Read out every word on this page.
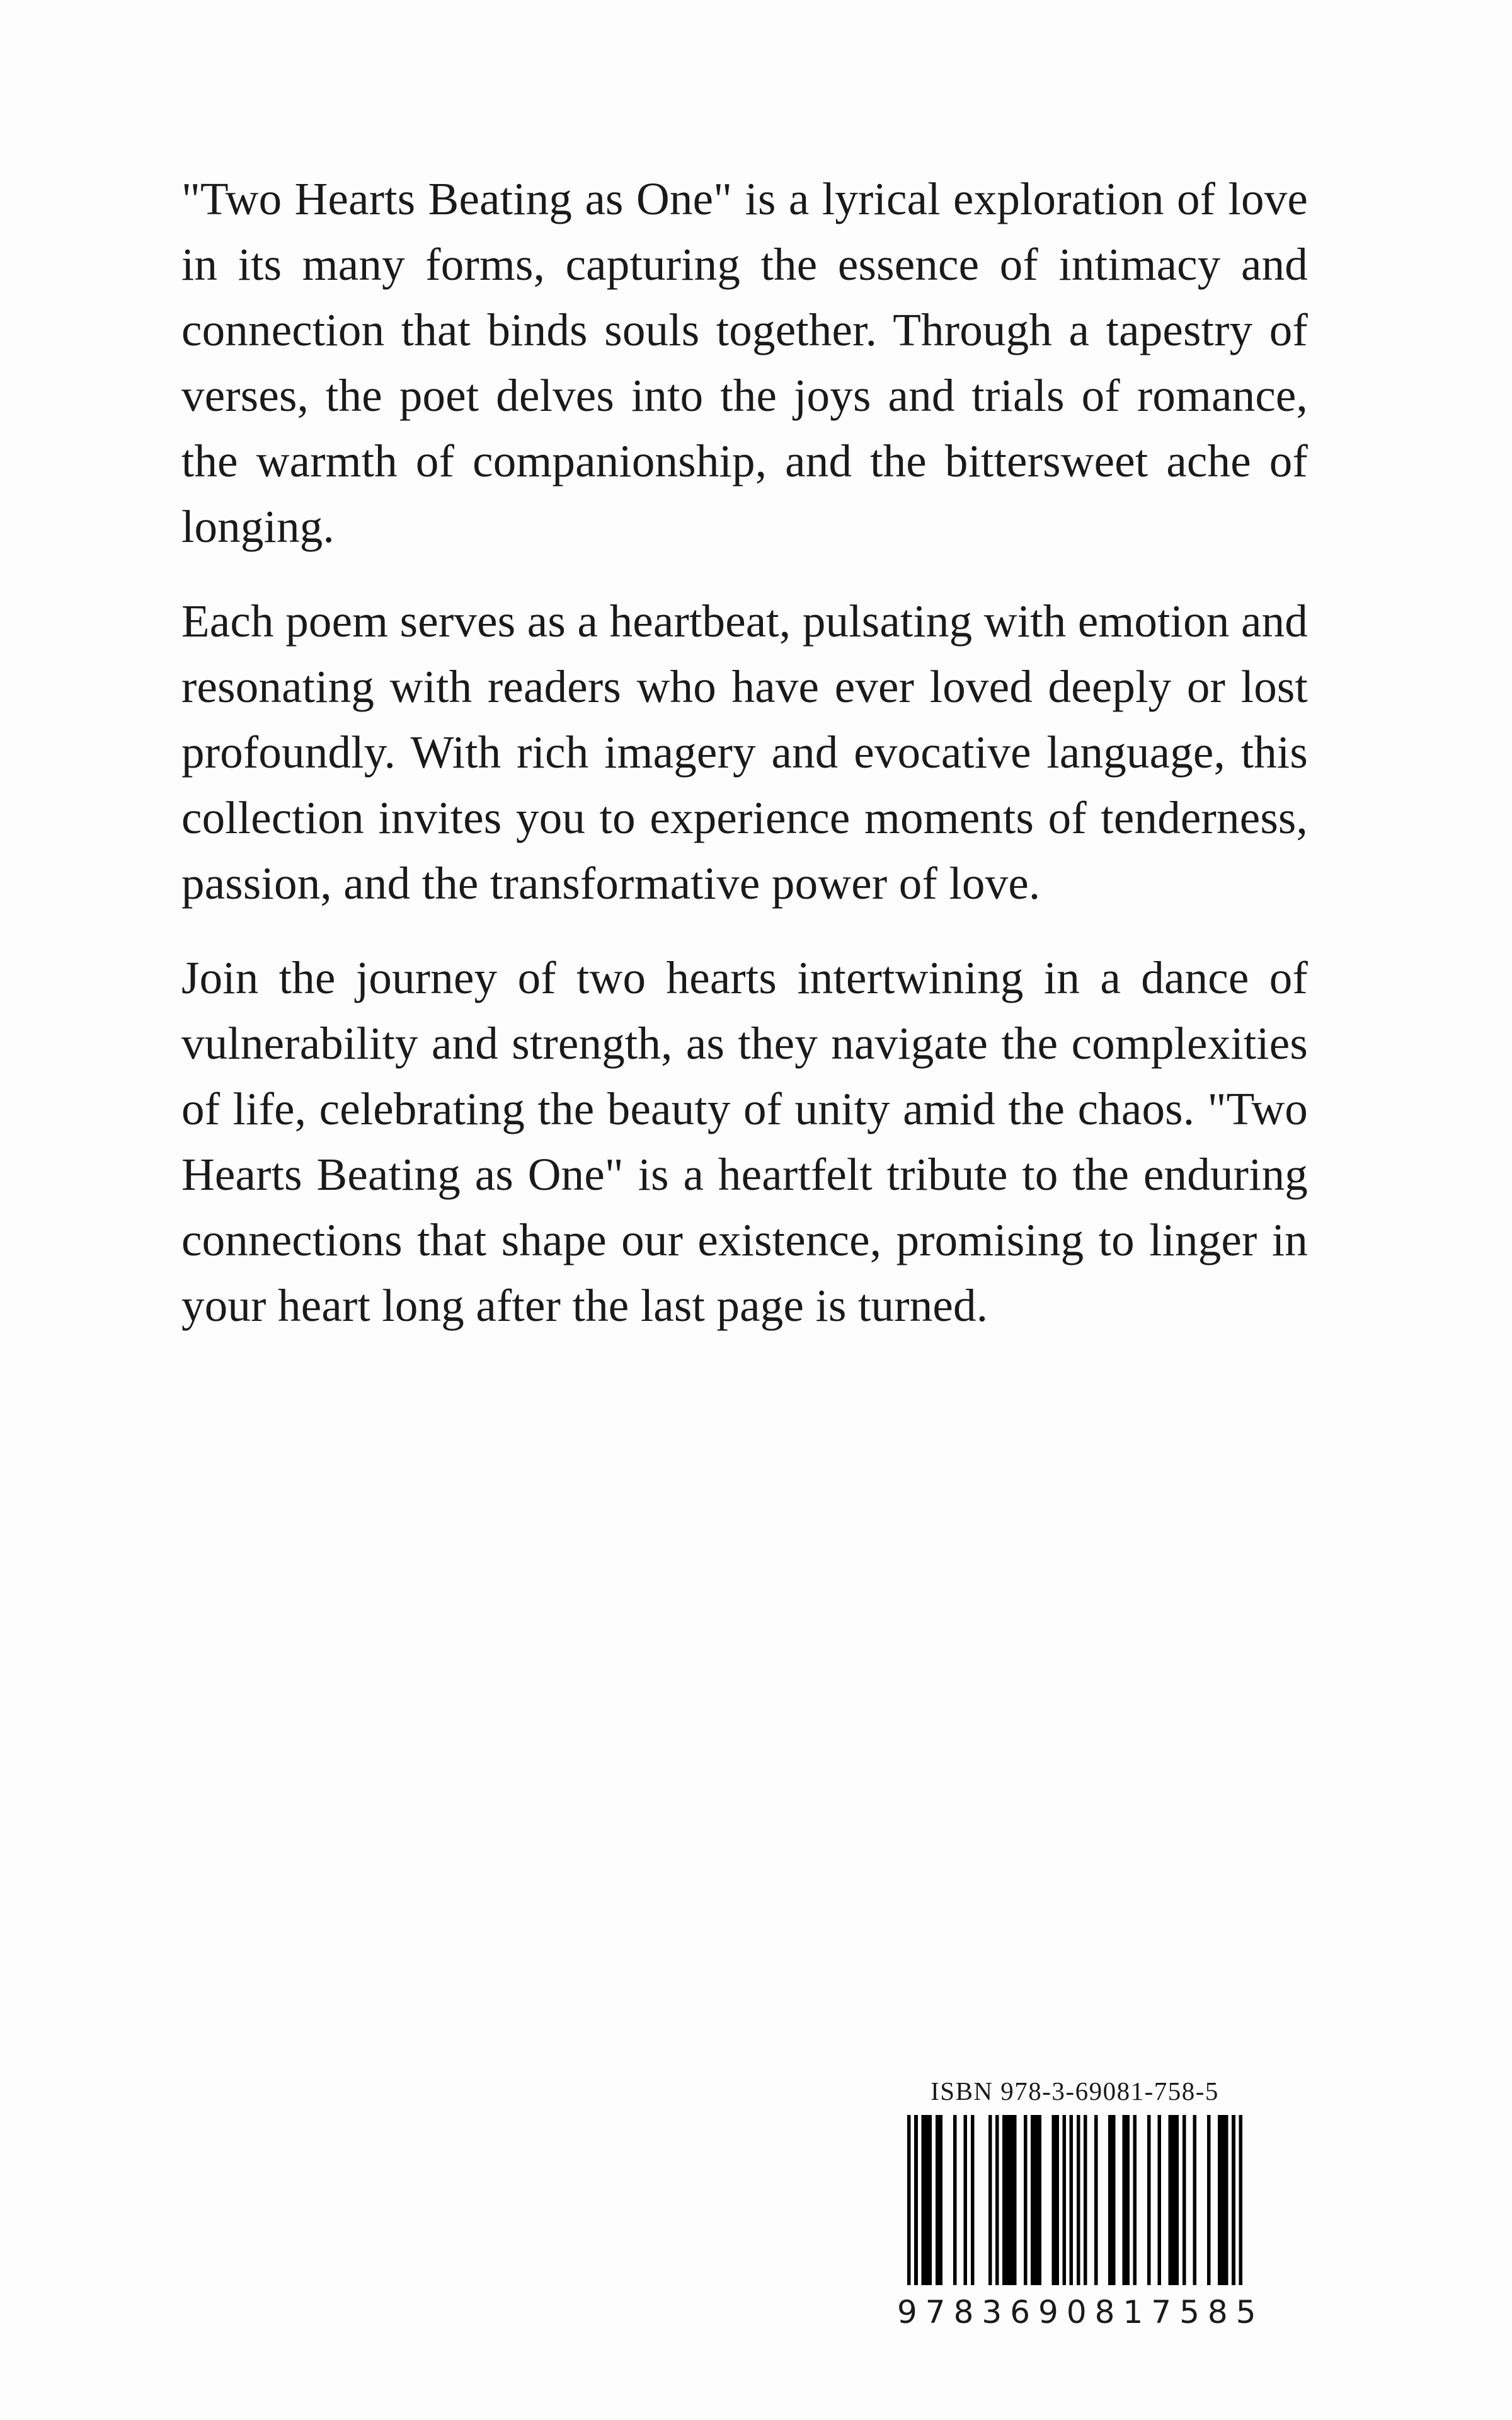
"Two Hearts Beating as One" is a lyrical exploration of love in its many forms, capturing the essence of intimacy and connection that binds souls together. Through a tapestry of verses, the poet delves into the joys and trials of romance, the warmth of companionship, and the bittersweet ache of longing.

Each poem serves as a heartbeat, pulsating with emotion and resonating with readers who have ever loved deeply or lost profoundly. With rich imagery and evocative language, this collection invites you to experience moments of tenderness, passion, and the transformative power of love.

Join the journey of two hearts intertwining in a dance of vulnerability and strength, as they navigate the complexities of life, celebrating the beauty of unity amid the chaos. "Two Hearts Beating as One" is a heartfelt tribute to the enduring connections that shape our existence, promising to linger in your heart long after the last page is turned.

ISBN 978-3-69081-758-5
9783690817585
